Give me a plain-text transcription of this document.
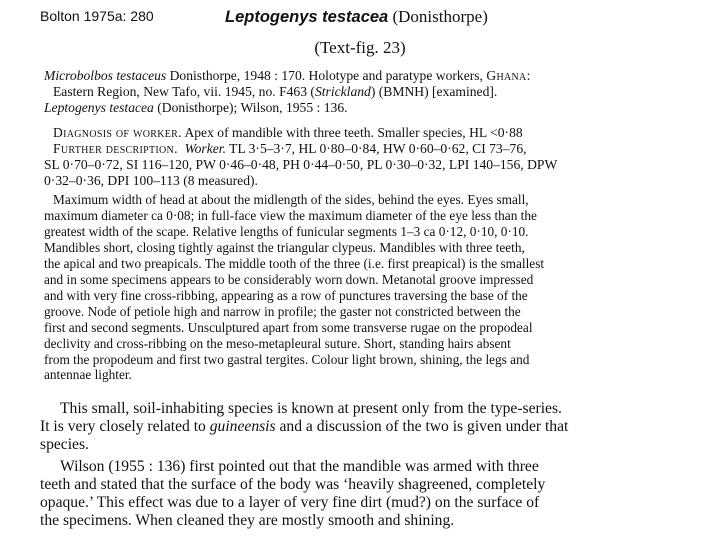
Bolton 1975a: 280	Leptogenys testacea (Donisthorpe)
(Text-fig. 23)
Microbolbos testaceus Donisthorpe, 1948 : 170. Holotype and paratype workers, Ghana:
Eastern Region, New Tafo, vii. 1945, no. F463 (Strickland) (BMNH) [examined].
Leptogenys testacea (Donisthorpe); Wilson, 1955 : 136.
Diagnosis of worker. Apex of mandible with three teeth. Smaller species, HL <0·88
Further description. Worker. TL 3·5–3·7, HL 0·80–0·84, HW 0·60–0·62, CI 73–76,
SL 0·70–0·72, SI 116–120, PW 0·46–0·48, PH 0·44–0·50, PL 0·30–0·32, LPI 140–156, DPW
0·32–0·36, DPI 100–113 (8 measured).
Maximum width of head at about the midlength of the sides, behind the eyes. Eyes small,
maximum diameter ca 0·08; in full-face view the maximum diameter of the eye less than the
greatest width of the scape. Relative lengths of funicular segments 1–3 ca 0·12, 0·10, 0·10.
Mandibles short, closing tightly against the triangular clypeus. Mandibles with three teeth,
the apical and two preapicals. The middle tooth of the three (i.e. first preapical) is the smallest
and in some specimens appears to be considerably worn down. Metanotal groove impressed
and with very fine cross-ribbing, appearing as a row of punctures traversing the base of the
groove. Node of petiole high and narrow in profile; the gaster not constricted between the
first and second segments. Unsculptured apart from some transverse rugae on the propodeal
declivity and cross-ribbing on the meso-metapleural suture. Short, standing hairs absent
from the propodeum and first two gastral tergites. Colour light brown, shining, the legs and
antennae lighter.
This small, soil-inhabiting species is known at present only from the type-series.
It is very closely related to guineensis and a discussion of the two is given under that
species.
Wilson (1955 : 136) first pointed out that the mandible was armed with three
teeth and stated that the surface of the body was ‘heavily shagreened, completely
opaque.’ This effect was due to a layer of very fine dirt (mud?) on the surface of
the specimens. When cleaned they are mostly smooth and shining.
